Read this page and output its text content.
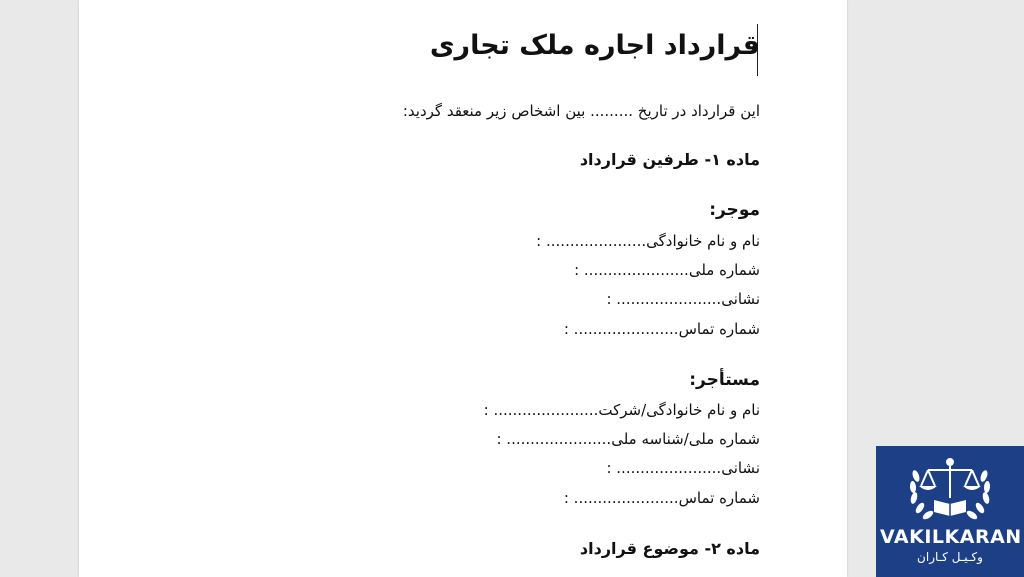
قرارداد اجاره ملک تجاری
این قرارداد در تاریخ ......... بین اشخاص زیر منعقد گردید:
ماده ۱- طرفین قرارداد
موجر:
نام و نام خانوادگی..................... :
شماره ملی...................... :
نشانی...................... :
شماره تماس...................... :
مستأجر:
نام و نام خانوادگی/شرکت...................... :
شماره ملی/شناسه ملی...................... :
نشانی...................... :
شماره تماس...................... :
ماده ۲- موضوع قرارداد
VAKILKARAN
وکـیـل کـاران
